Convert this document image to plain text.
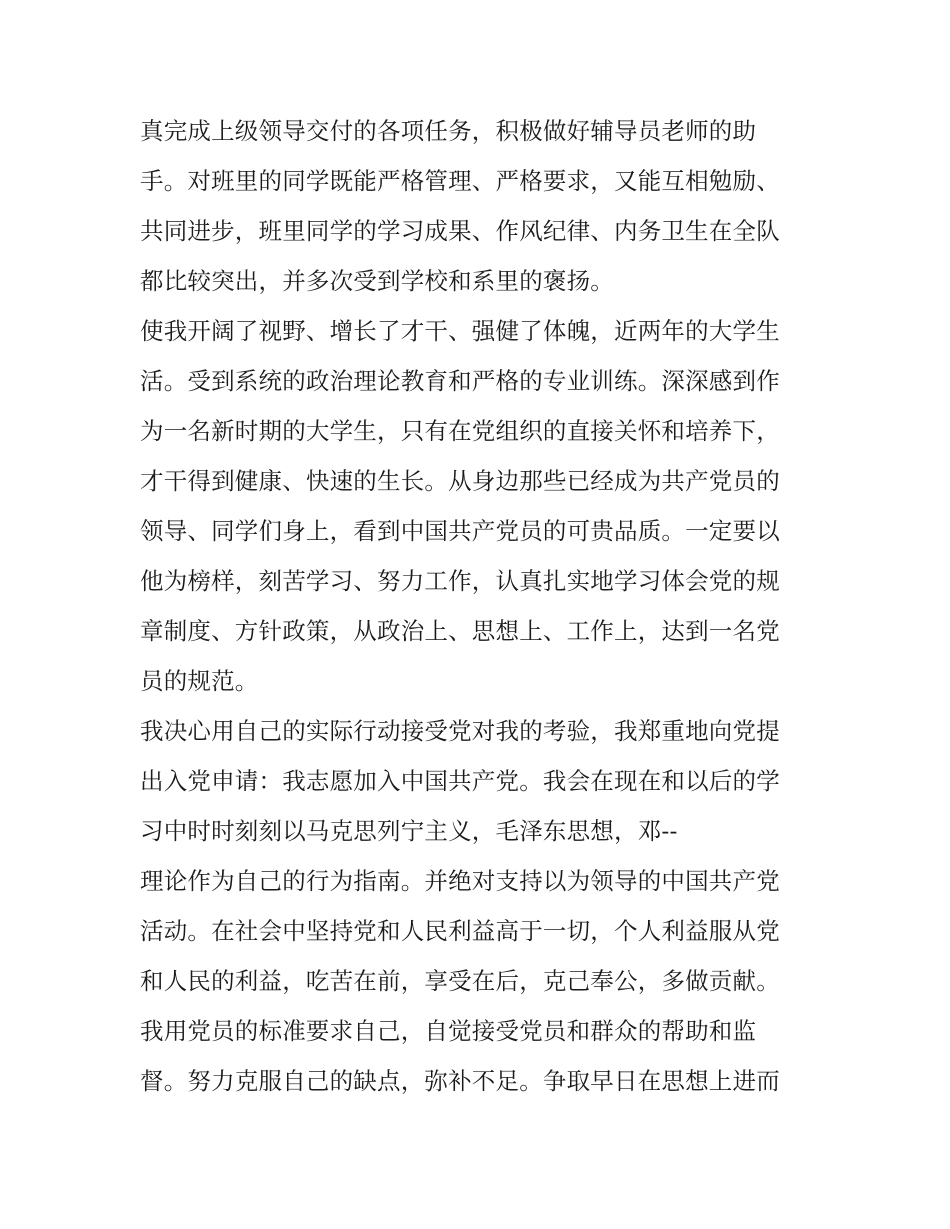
真完成上级领导交付的各项任务，积极做好辅导员老师的助
手。对班里的同学既能严格管理、严格要求，又能互相勉励、
共同进步，班里同学的学习成果、作风纪律、内务卫生在全队
都比较突出，并多次受到学校和系里的褒扬。
使我开阔了视野、增长了才干、强健了体魄，近两年的大学生
活。受到系统的政治理论教育和严格的专业训练。深深感到作
为一名新时期的大学生，只有在党组织的直接关怀和培养下，
才干得到健康、快速的生长。从身边那些已经成为共产党员的
领导、同学们身上，看到中国共产党员的可贵品质。一定要以
他为榜样，刻苦学习、努力工作，认真扎实地学习体会党的规
章制度、方针政策，从政治上、思想上、工作上，达到一名党
员的规范。
我决心用自己的实际行动接受党对我的考验，我郑重地向党提
出入党申请：我志愿加入中国共产党。我会在现在和以后的学
习中时时刻刻以马克思列宁主义，毛泽东思想，邓--
理论作为自己的行为指南。并绝对支持以为领导的中国共产党
活动。在社会中坚持党和人民利益高于一切，个人利益服从党
和人民的利益，吃苦在前，享受在后，克己奉公，多做贡献。
我用党员的标准要求自己，自觉接受党员和群众的帮助和监
督。努力克服自己的缺点，弥补不足。争取早日在思想上进而
